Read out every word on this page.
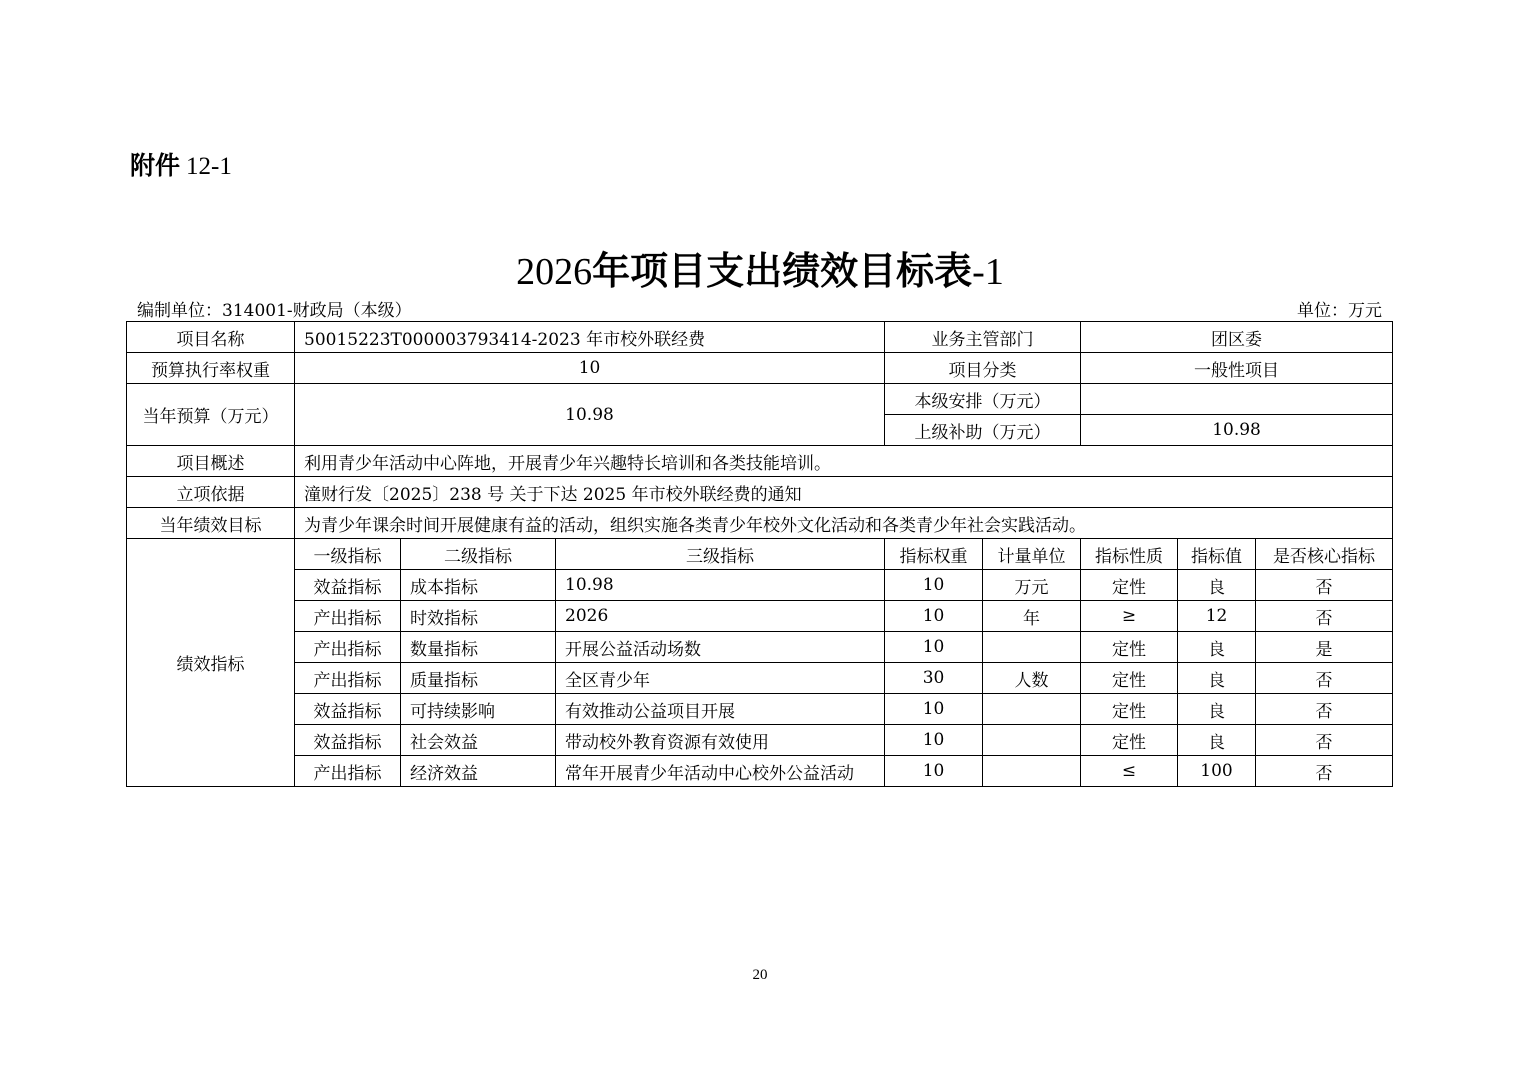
附件 12-1
2026年项目支出绩效目标表-1
编制单位：314001-财政局（本级）	单位：万元
项目名称	50015223T000003793414-2023 年市校外联经费			业务主管部门		团区委		
预算执行率权重	10			项目分类		一般性项目		
当年预算（万元）	10.98			本级安排（万元）				
				上级补助（万元）		10.98		
项目概述	利用青少年活动中心阵地，开展青少年兴趣特长培训和各类技能培训。							
立项依据	潼财行发〔2025〕238 号 关于下达 2025 年市校外联经费的通知							
当年绩效目标	为青少年课余时间开展健康有益的活动，组织实施各类青少年校外文化活动和各类青少年社会实践活动。							
绩效指标	一级指标	二级指标	三级指标	指标权重	计量单位	指标性质	指标值	是否核心指标
	效益指标	成本指标	10.98	10	万元	定性	良	否
	产出指标	时效指标	2026	10	年	≥	12	否
	产出指标	数量指标	开展公益活动场数	10		定性	良	是
	产出指标	质量指标	全区青少年	30	人数	定性	良	否
	效益指标	可持续影响	有效推动公益项目开展	10		定性	良	否
	效益指标	社会效益	带动校外教育资源有效使用	10		定性	良	否
	产出指标	经济效益	常年开展青少年活动中心校外公益活动	10		≤	100	否
20
